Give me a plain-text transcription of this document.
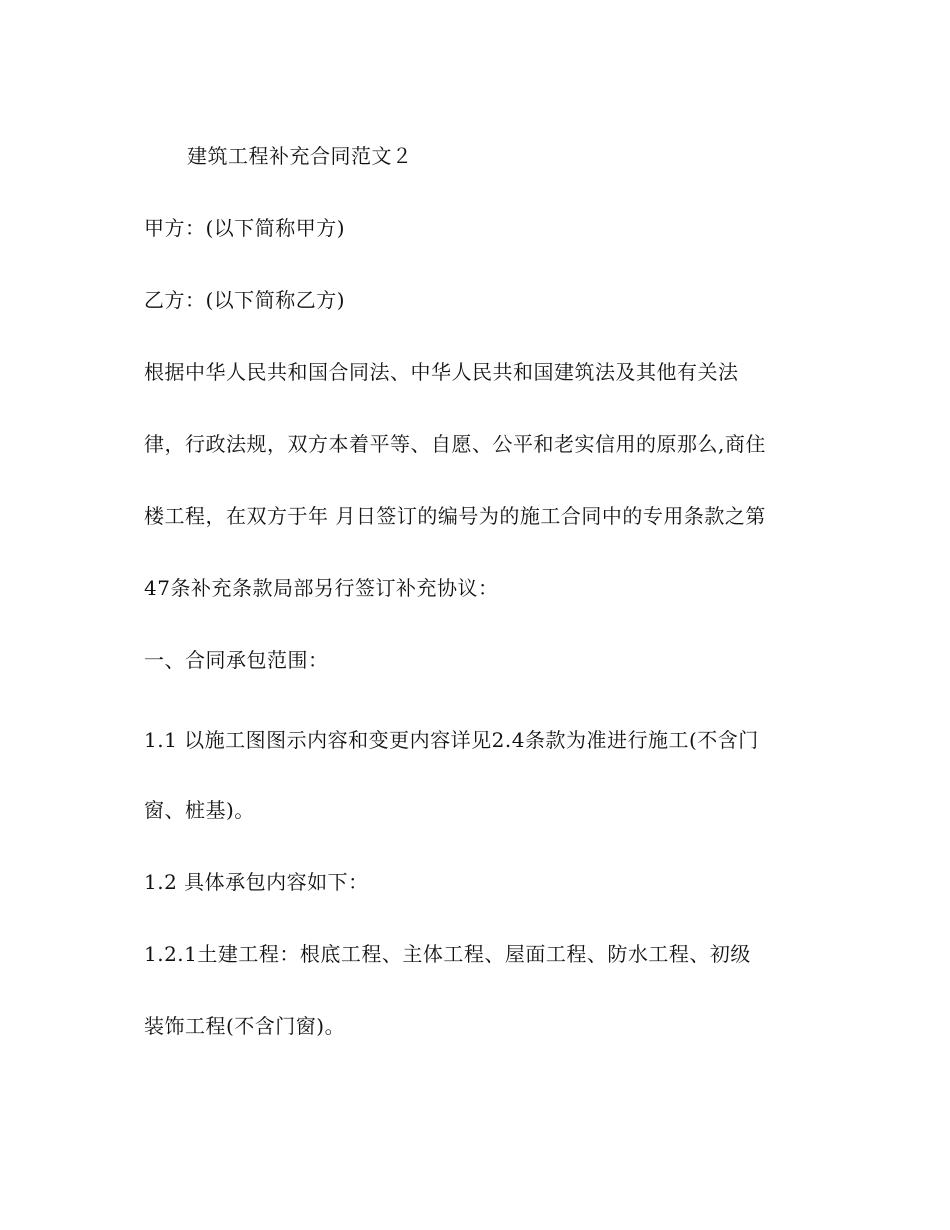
建筑工程补充合同范文２

甲方：(以下简称甲方)

乙方：(以下简称乙方)

根据中华人民共和国合同法、中华人民共和国建筑法及其他有关法

律，行政法规，双方本着平等、自愿、公平和老实信用的原那么,商住

楼工程，在双方于年 月日签订的编号为的施工合同中的专用条款之第

47条补充条款局部另行签订补充协议：

一、合同承包范围：

1.1 以施工图图示内容和变更内容详见2.4条款为准进行施工(不含门

窗、桩基)。

1.2 具体承包内容如下：

1.2.1土建工程：根底工程、主体工程、屋面工程、防水工程、初级

装饰工程(不含门窗)。
